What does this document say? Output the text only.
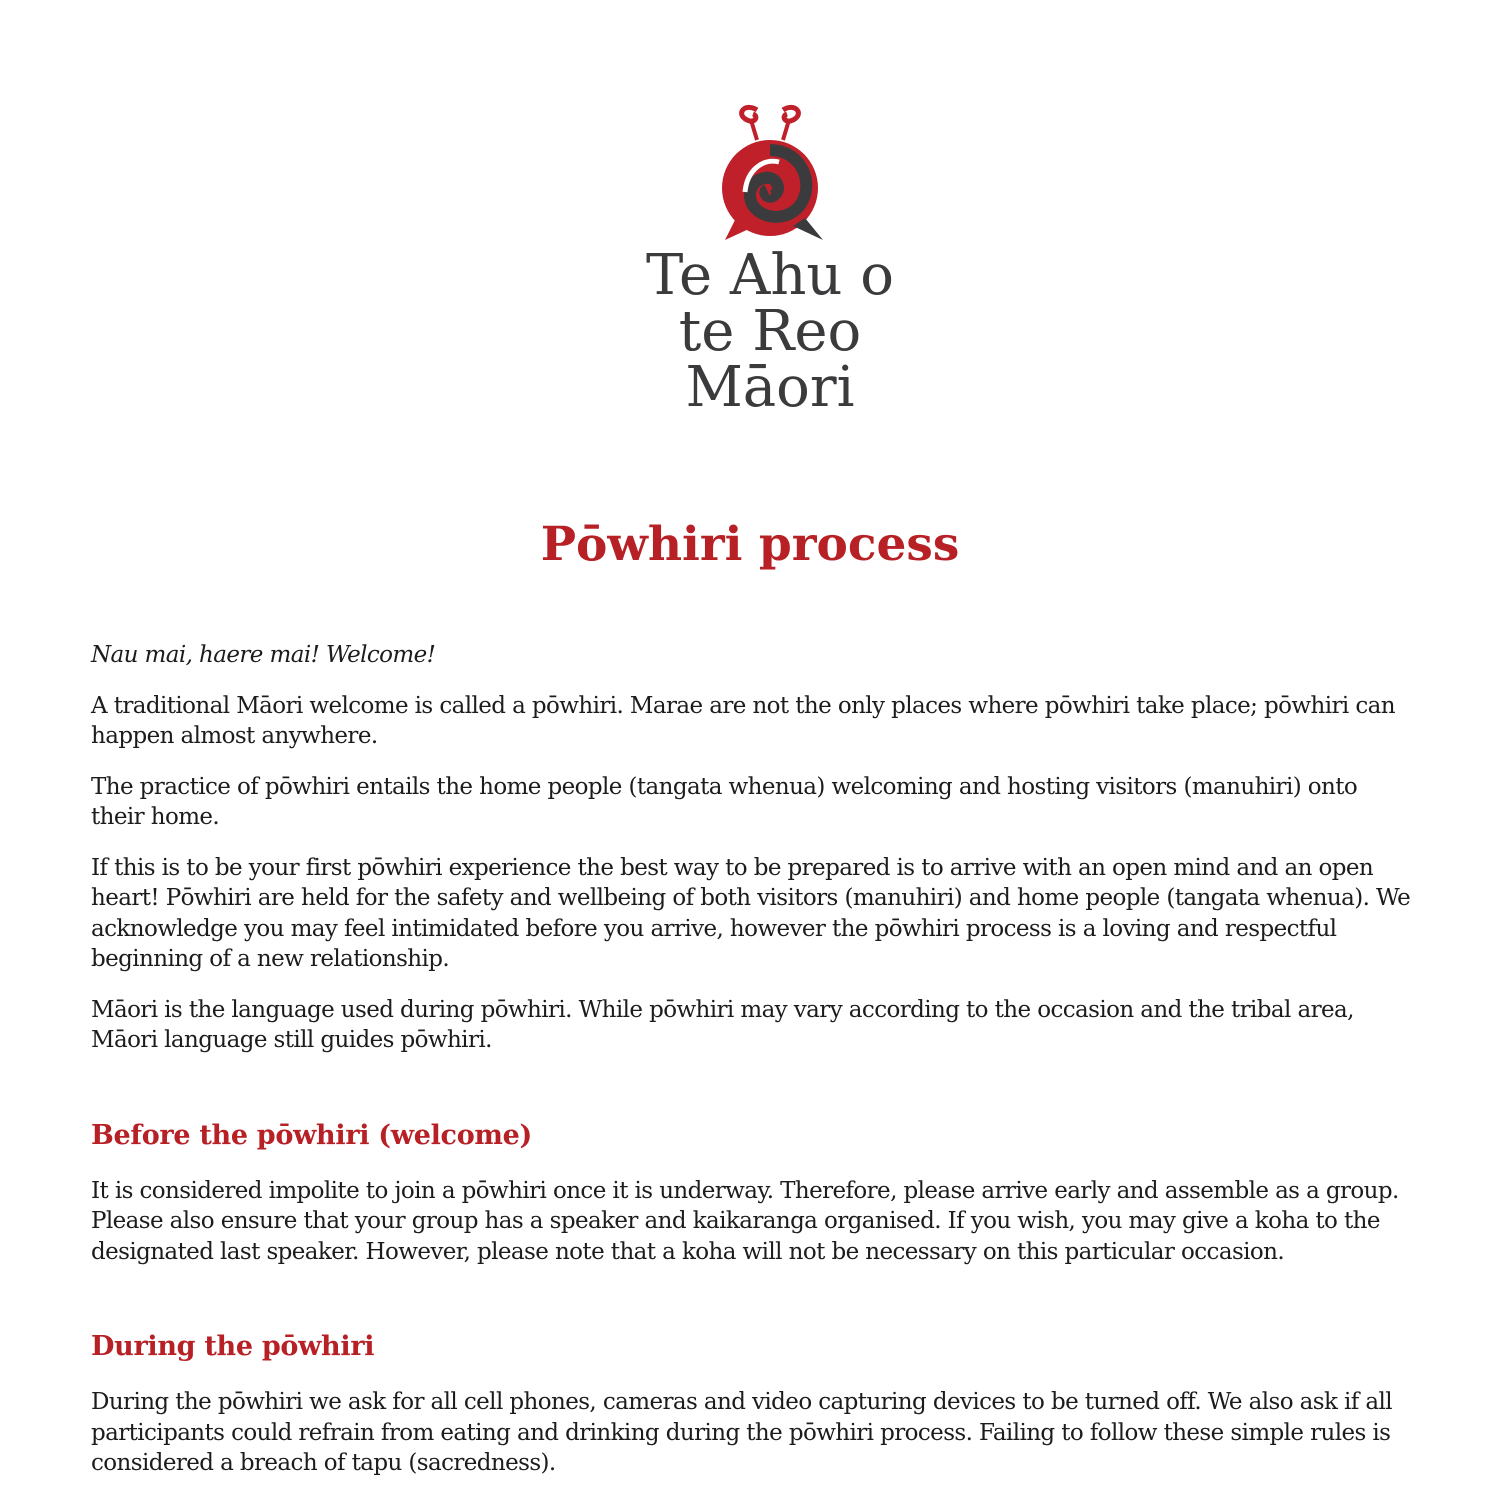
Te Ahu o
te Reo Māori
Pōwhiri process

Nau mai, haere mai! Welcome!

A traditional Māori welcome is called a pōwhiri. Marae are not the only places where pōwhiri take place; pōwhiri can happen almost anywhere.

The practice of pōwhiri entails the home people (tangata whenua) welcoming and hosting visitors (manuhiri) onto their home.

If this is to be your first pōwhiri experience the best way to be prepared is to arrive with an open mind and an open heart! Pōwhiri are held for the safety and wellbeing of both visitors (manuhiri) and home people (tangata whenua). We acknowledge you may feel intimidated before you arrive, however the pōwhiri process is a loving and respectful beginning of a new relationship.

Māori is the language used during pōwhiri. While pōwhiri may vary according to the occasion and the tribal area, Māori language still guides pōwhiri.

Before the pōwhiri (welcome)

It is considered impolite to join a pōwhiri once it is underway. Therefore, please arrive early and assemble as a group. Please also ensure that your group has a speaker and kaikaranga organised. If you wish, you may give a koha to the designated last speaker. However, please note that a koha will not be necessary on this particular occasion.

During the pōwhiri

During the pōwhiri we ask for all cell phones, cameras and video capturing devices to be turned off. We also ask if all participants could refrain from eating and drinking during the pōwhiri process. Failing to follow these simple rules is considered a breach of tapu (sacredness).
